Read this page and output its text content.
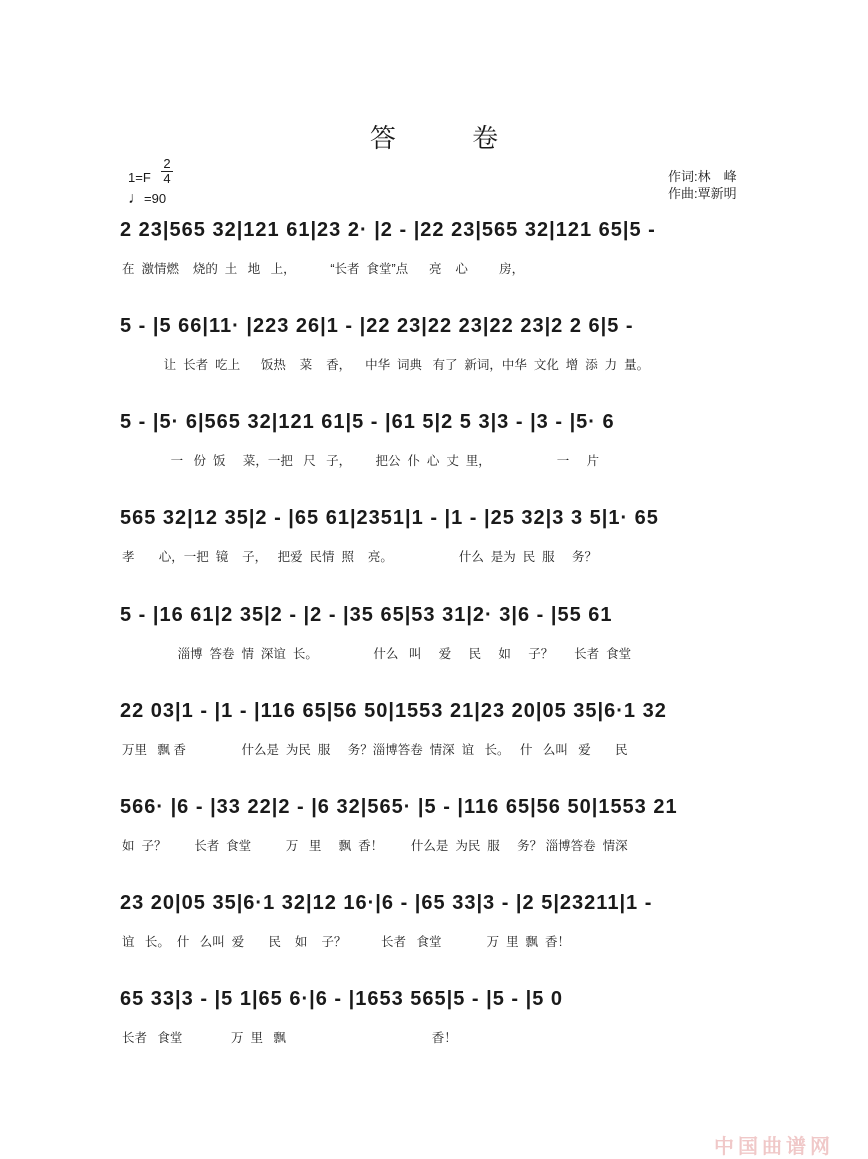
答 卷
1=F
2
4
♩=90
作词:林　峰
作曲:覃新明
2 23|565 32|121 61|23 2· |2 - |22 23|565 32|121 65|5 -
在  激情燃    烧的  土   地   上，          “长者  食堂”点      亮    心         房，
5 - |5 66|11· |223 26|1 - |22 23|22 23|22 23|2 2 6|5 -
让  长者  吃上      饭热    菜    香，    中华  词典   有了  新词，中华  文化  增  添  力  量。
5 - |5· 6|565 32|121 61|5 - |61 5|2 5 3|3 - |3 - |5· 6
一   份  饭     菜，一把   尺   子，       把公  仆  心  丈  里，                   一     片
565 32|12 35|2 - |65 61|2351|1 - |1 - |25 32|3 3 5|1· 65
孝       心，一把  镜    子，   把爱  民情  照    亮。                   什么  是为  民  服     务？
5 - |16 61|2 35|2 - |2 - |35 65|53 31|2· 3|6 - |55 61
淄博  答卷  情  深谊  长。                什么   叫     爱     民     如     子？      长者  食堂
22 03|1 - |1 - |116 65|56 50|1553 21|23 20|05 35|6·1 32
万里   飘 香                什么是  为民  服     务？淄博答卷  情深  谊   长。   什   么叫   爱       民
566· |6 - |33 22|2 - |6 32|565· |5 - |116 65|56 50|1553 21
如  子？        长者  食堂          万   里     飘  香！        什么是  为民  服     务？ 淄博答卷  情深
23 20|05 35|6·1 32|12 16·|6 - |65 33|3 - |2 5|23211|1 -
谊   长。  什   么叫  爱       民    如    子？          长者   食堂             万  里  飘  香！
65 33|3 - |5 1|65 6·|6 - |1653 565|5 - |5 - |5 0
长者   食堂              万  里   飘                                          香！
中国曲谱网
